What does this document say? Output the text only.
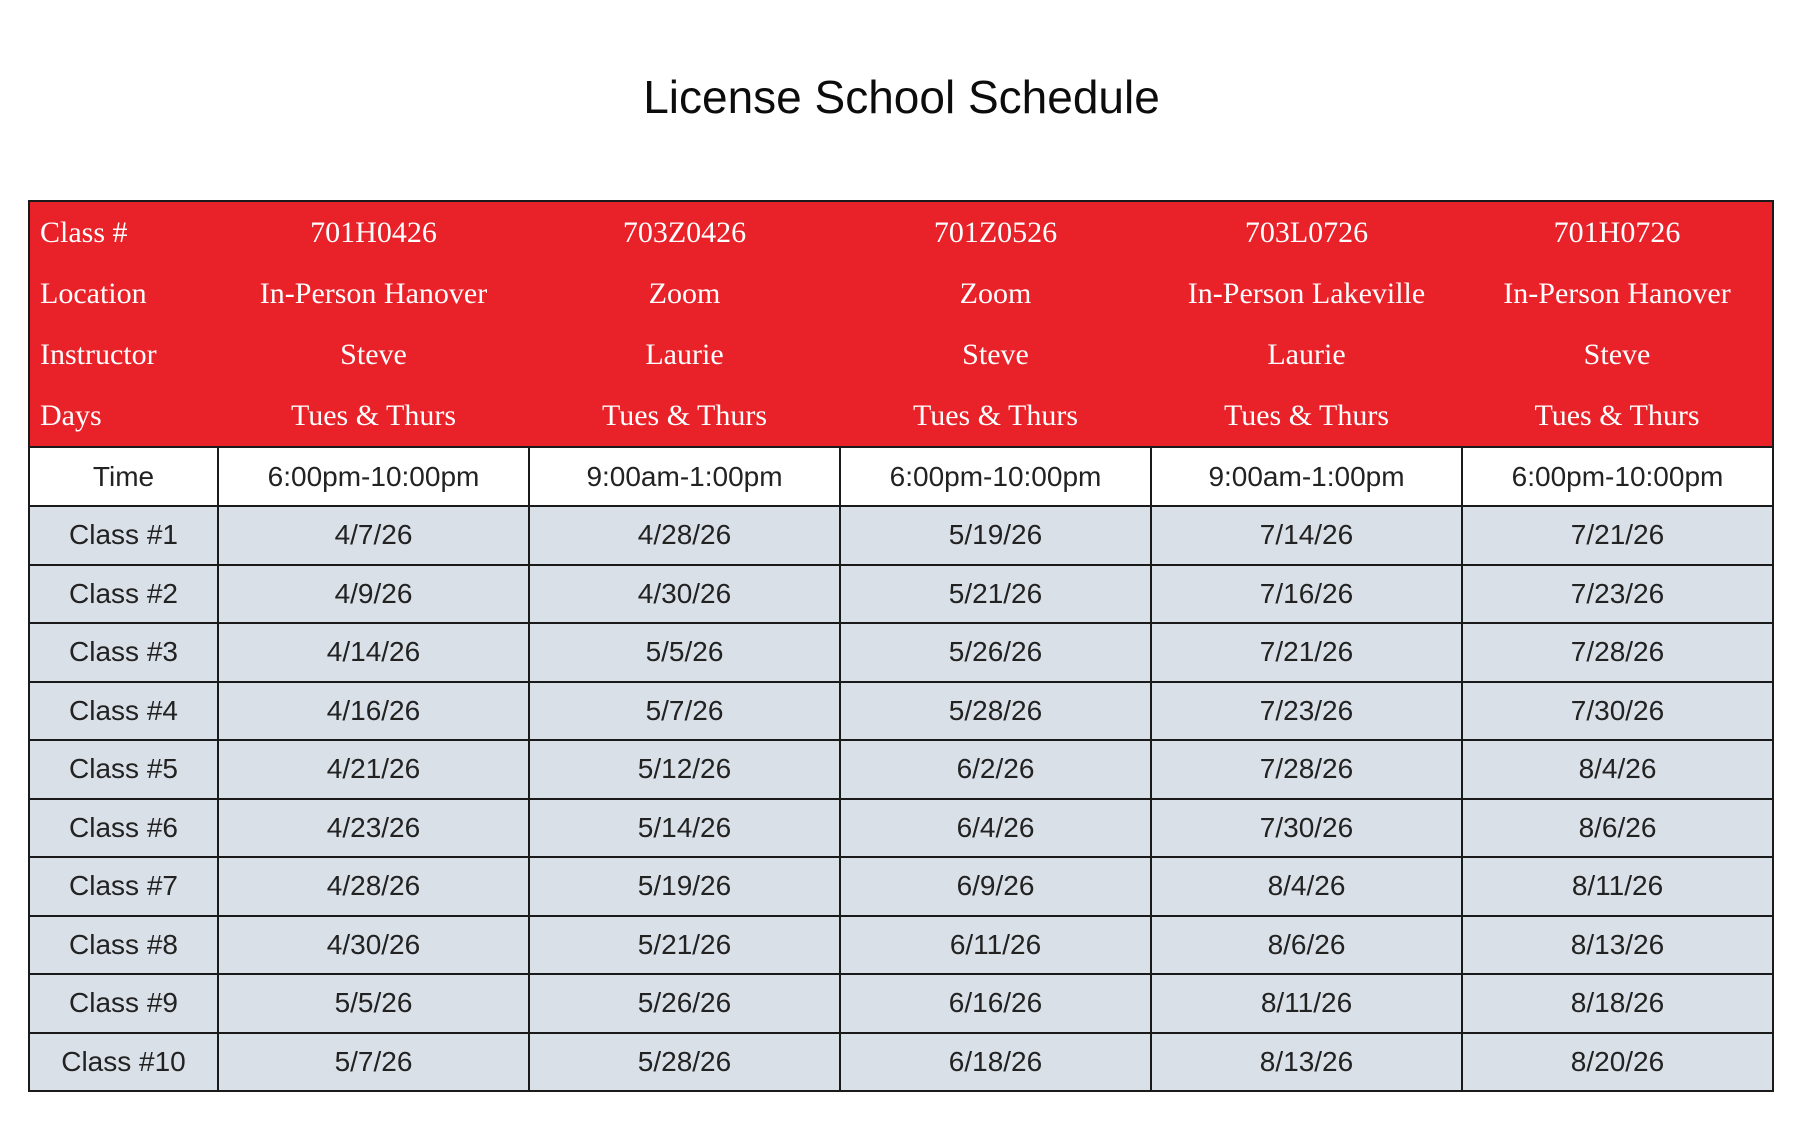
License School Schedule
Class #	701H0426	703Z0426	701Z0526	703L0726	701H0726
Location	In-Person Hanover	Zoom	Zoom	In-Person Lakeville	In-Person Hanover
Instructor	Steve	Laurie	Steve	Laurie	Steve
Days	Tues & Thurs	Tues & Thurs	Tues & Thurs	Tues & Thurs	Tues & Thurs
Time	6:00pm-10:00pm	9:00am-1:00pm	6:00pm-10:00pm	9:00am-1:00pm	6:00pm-10:00pm
Class #1	4/7/26	4/28/26	5/19/26	7/14/26	7/21/26
Class #2	4/9/26	4/30/26	5/21/26	7/16/26	7/23/26
Class #3	4/14/26	5/5/26	5/26/26	7/21/26	7/28/26
Class #4	4/16/26	5/7/26	5/28/26	7/23/26	7/30/26
Class #5	4/21/26	5/12/26	6/2/26	7/28/26	8/4/26
Class #6	4/23/26	5/14/26	6/4/26	7/30/26	8/6/26
Class #7	4/28/26	5/19/26	6/9/26	8/4/26	8/11/26
Class #8	4/30/26	5/21/26	6/11/26	8/6/26	8/13/26
Class #9	5/5/26	5/26/26	6/16/26	8/11/26	8/18/26
Class #10	5/7/26	5/28/26	6/18/26	8/13/26	8/20/26
